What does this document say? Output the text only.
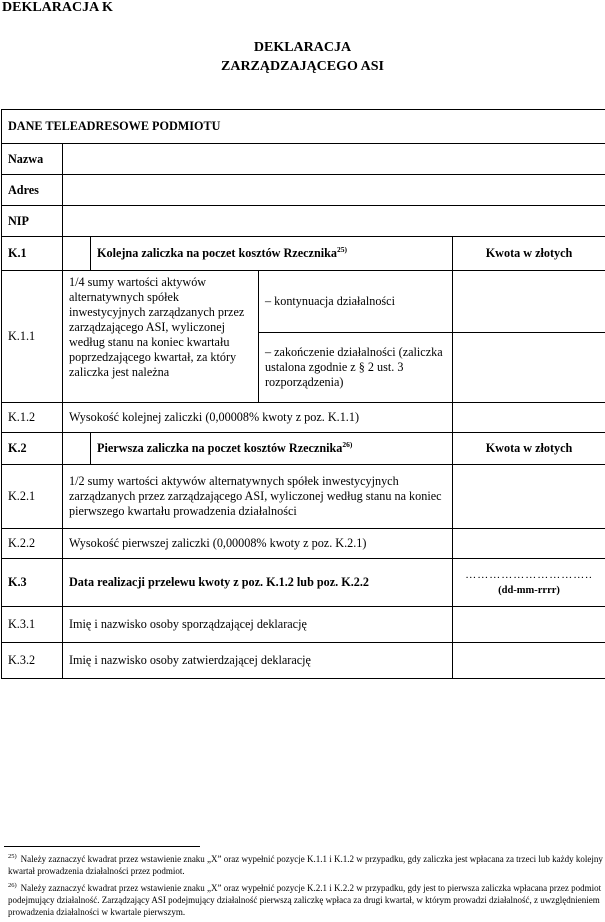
DEKLARACJA K
DEKLARACJA
ZARZĄDZAJĄCEGO ASI
DANE TELEADRESOWE PODMIOTU				
Nazwa				
Adres				
NIP				
K.1		Kolejna zaliczka na poczet kosztów Rzecznika$^{25)}$		Kwota w złotych
K.1.1	1/4 sumy wartości aktywów alternatywnych spółek inwestycyjnych zarządzanych przez zarządzającego ASI, wyliczonej według stanu na koniec kwartału poprzedzającego kwartał, za który zaliczka jest należna		– kontynuacja działalności	
			– zakończenie działalności (zaliczka ustalona zgodnie z § 2 ust. 3 rozporządzenia)	
K.1.2	Wysokość kolejnej zaliczki (0,00008% kwoty z poz. K.1.1)			
K.2		Pierwsza zaliczka na poczet kosztów Rzecznika$^{26)}$		Kwota w złotych
K.2.1	1/2 sumy wartości aktywów alternatywnych spółek inwestycyjnych zarządzanych przez zarządzającego ASI, wyliczonej według stanu na koniec pierwszego kwartału prowadzenia działalności			
K.2.2	Wysokość pierwszej zaliczki (0,00008% kwoty z poz. K.2.1)			
K.3	Data realizacji przelewu kwoty z poz. K.1.2 lub poz. K.2.2			…………………………..
(dd-mm-rrrr)

K.3.1	Imię i nazwisko osoby sporządzającej deklarację			
K.3.2	Imię i nazwisko osoby zatwierdzającej deklarację			
$^{25)}$ Należy zaznaczyć kwadrat przez wstawienie znaku „X” oraz wypełnić pozycje K.1.1 i K.1.2 w przypadku, gdy zaliczka jest wpłacana za trzeci lub każdy kolejny kwartał prowadzenia działalności przez podmiot.
$^{26)}$ Należy zaznaczyć kwadrat przez wstawienie znaku „X” oraz wypełnić pozycje K.2.1 i K.2.2 w przypadku, gdy jest to pierwsza zaliczka wpłacana przez podmiot podejmujący działalność. Zarządzający ASI podejmujący działalność pierwszą zaliczkę wpłaca za drugi kwartał, w którym prowadzi działalność, z uwzględnieniem prowadzenia działalności w kwartale pierwszym.
